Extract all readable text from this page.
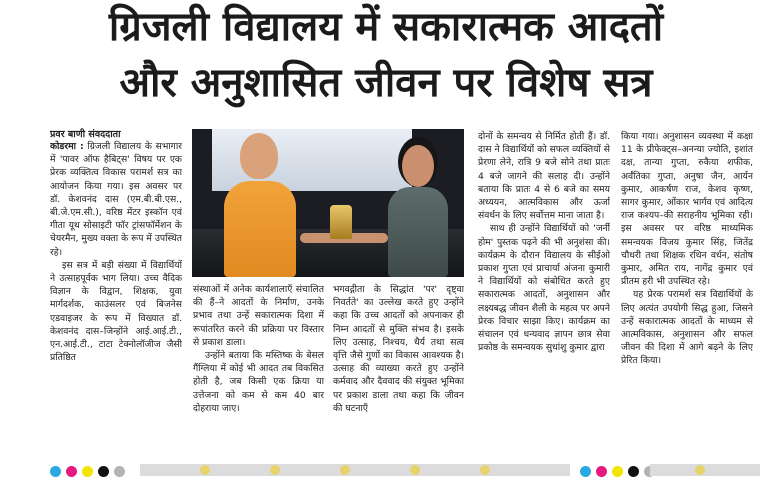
ग्रिजली विद्यालय में सकारात्मक आदतों
और अनुशासित जीवन पर विशेष सत्र
प्रवर बाणी संवददाता

कोडरमा : ग्रिजली विद्यालय के सभागार में 'पावर ऑफ हैबिट्स' विषय पर एक प्रेरक व्यक्तित्व विकास परामर्श सत्र का आयोजन किया गया। इस अवसर पर डॉ. केशवनंद दास (एम.बी.बी.एस., बी.जे.एम.सी.), वरिष्ठ मेंटर इस्कॉन एवं गीता यूथ सोसाइटी फॉर ट्रांसफॉर्मेशन के चेयरमैन, मुख्य वक्ता के रूप में उपस्थित रहे।

इस सत्र में बड़ी संख्या में विद्यार्थियों ने उत्साहपूर्वक भाग लिया। उच्च वैदिक विज्ञान के विद्वान, शिक्षक, युवा मार्गदर्शक, काउंसलर एवं बिजनेस एडवाइजर के रूप में विख्यात डॉ. केशवनंद दास–जिन्होंने आई.आई.टी., एन.आई.टी., टाटा टेक्नोलॉजीज जैसी प्रतिष्ठित

संस्थाओं में अनेक कार्यशालाएँ संचालित की हैं–ने आदतों के निर्माण, उनके प्रभाव तथा उन्हें सकारात्मक दिशा में रूपांतरित करने की प्रक्रिया पर विस्तार से प्रकाश डाला।

उन्होंने बताया कि मस्तिष्क के बेसल गैंग्लिया में कोई भी आदत तब विकसित होती है, जब किसी एक क्रिया या उत्तेजना को कम से कम 40 बार दोहराया जाए।

भगवद्गीता के सिद्धांत 'पर' दृष्ट्वा निवर्तते' का उल्लेख करते हुए उन्होंने कहा कि उच्च आदतों को अपनाकर ही निम्न आदतों से मुक्ति संभव है। इसके लिए उत्साह, निश्चय, धैर्य तथा सत्व वृत्ति जैसे गुणों का विकास आवश्यक है। उत्साह की व्याख्या करते हुए उन्होंने कर्मवाद और दैववाद की संयुक्त भूमिका पर प्रकाश डाला तथा कहा कि जीवन की घटनाएँ

दोनों के समन्वय से निर्मित होती हैं। डॉ. दास ने विद्यार्थियों को सफल व्यक्तियों से प्रेरणा लेने, रात्रि 9 बजे सोने तथा प्रातः 4 बजे जागने की सलाह दी। उन्होंने बताया कि प्रातः 4 से 6 बजे का समय अध्ययन, आत्मविकास और ऊर्जा संवर्धन के लिए सर्वोत्तम माना जाता है।

साथ ही उन्होंने विद्यार्थियों को 'जर्नी होम' पुस्तक पढ़ने की भी अनुशंसा की। कार्यक्रम के दौरान विद्यालय के सीईओ प्रकाश गुप्ता एवं प्राचार्या अंजना कुमारी ने विद्यार्थियों को संबोधित करते हुए सकारात्मक आदतों, अनुशासन और लक्ष्यबद्ध जीवन शैली के महत्व पर अपने प्रेरक विचार साझा किए। कार्यक्रम का संचालन एवं धन्यवाद ज्ञापन छात्र सेवा प्रकोष्ठ के समन्वयक सुधांशु कुमार द्वारा

किया गया। अनुशासन व्यवस्था में कक्षा 11 के प्रीफेक्ट्स–अनन्या ज्योति, इशांत दक्ष, तान्या गुप्ता, रुकैया शफीक, अर्वंतिका गुप्ता, अनुषा जैन, आर्यन कुमार, आकर्षण राज, केशव कृष्ण, सागर कुमार, ओंकार भार्गव एवं आदित्य राज कश्यप–की सराहनीय भूमिका रही। इस अवसर पर वरिष्ठ माध्यमिक समन्वयक विजय कुमार सिंह, जितेंद्र चौधरी तथा शिक्षक रथिन वर्धन, संतोष कुमार, अमित राय, नागेंद्र कुमार एवं प्रीतम हरी भी उपस्थित रहे।

यह प्रेरक परामर्श सत्र विद्यार्थियों के लिए अत्यंत उपयोगी सिद्ध हुआ, जिसने उन्हें सकारात्मक आदतों के माध्यम से आत्मविकास, अनुशासन और सफल जीवन की दिशा में आगे बढ़ने के लिए प्रेरित किया।
